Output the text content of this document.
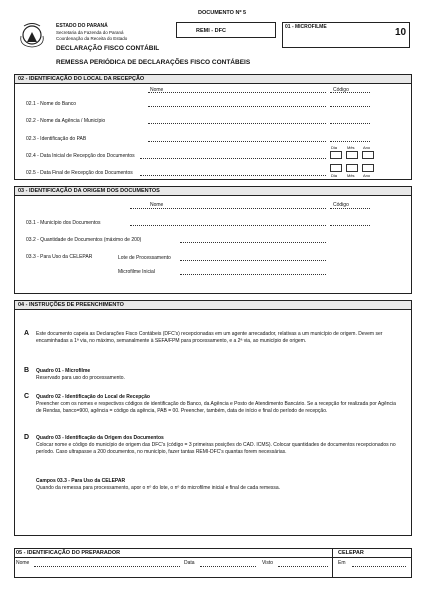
DOCUMENTO Nº 5
ESTADO DO PARANÁ
Secretaria da Fazenda do Paraná
Coordenação da Receita do Estado
REMI - DFC
01 - MICROFILME	10
DECLARAÇÃO FISCO CONTÁBIL
REMESSA PERIÓDICA DE DECLARAÇÕES FISCO CONTÁBEIS
02 - IDENTIFICAÇÃO DO LOCAL DA RECEPÇÃO
Nome	Código
02.1 - Nome do Banco
02.2 - Nome da Agência / Município
02.3 - Identificação do PAB
02.4 - Data Inicial de Recepção dos Documentos
Dia Mês Ano
02.5 - Data Final de Recepção dos Documentos	Dia Mês Ano
03 - IDENTIFICAÇÃO DA ORIGEM DOS DOCUMENTOS
Nome	Código
03.1 - Município dos Documentos
03.2 - Quantidade de Documentos (máximo de 200)
03.3 - Para Uso da CELEPAR	Lote de Processamento
Microfilme Inicial
04 - INSTRUÇÕES DE PREENCHIMENTO
A Este documento capeia as Declarações Fisco Contábeis (DFC's) recepcionadas em um agente arrecadador, relativas a um município de origem. Devem ser encaminhadas a 1ª via, no máximo, semanalmente à SEFA/FPM para processamento, e a 2ª via, ao município de origem.
B Quadro 01 - Microfilme
Reservado para uso do processamento.
C Quadro 02 - Identificação do Local de Recepção
Preencher com os nomes e respectivos códigos de identificação do Banco, da Agência e Posto de Atendimento Bancário. Se a recepção for realizada por Agência de Rendas, banco=900, agência = código da agência, PAB = 00. Preencher, também, data de início e final do período de recepção.
D Quadro 03 - Identificação da Origem dos Documentos
Colocar nome e código do município de origem das DFC's (código = 3 primeiras posições do CAD. ICMS). Colocar quantidades de documentos recepcionados no período. Caso ultrapasse a 200 documentos, no município, fazer tantas REMI-DFC's quantas forem necessárias.
Campos 03.3 - Para Uso da CELEPAR
Quando da remessa para processamento, apor o nº do lote, o nº do microfilme inicial e final de cada remessa.
05 - IDENTIFICAÇÃO DO PREPARADOR	CELEPAR
Nome	Data	Visto	Em
